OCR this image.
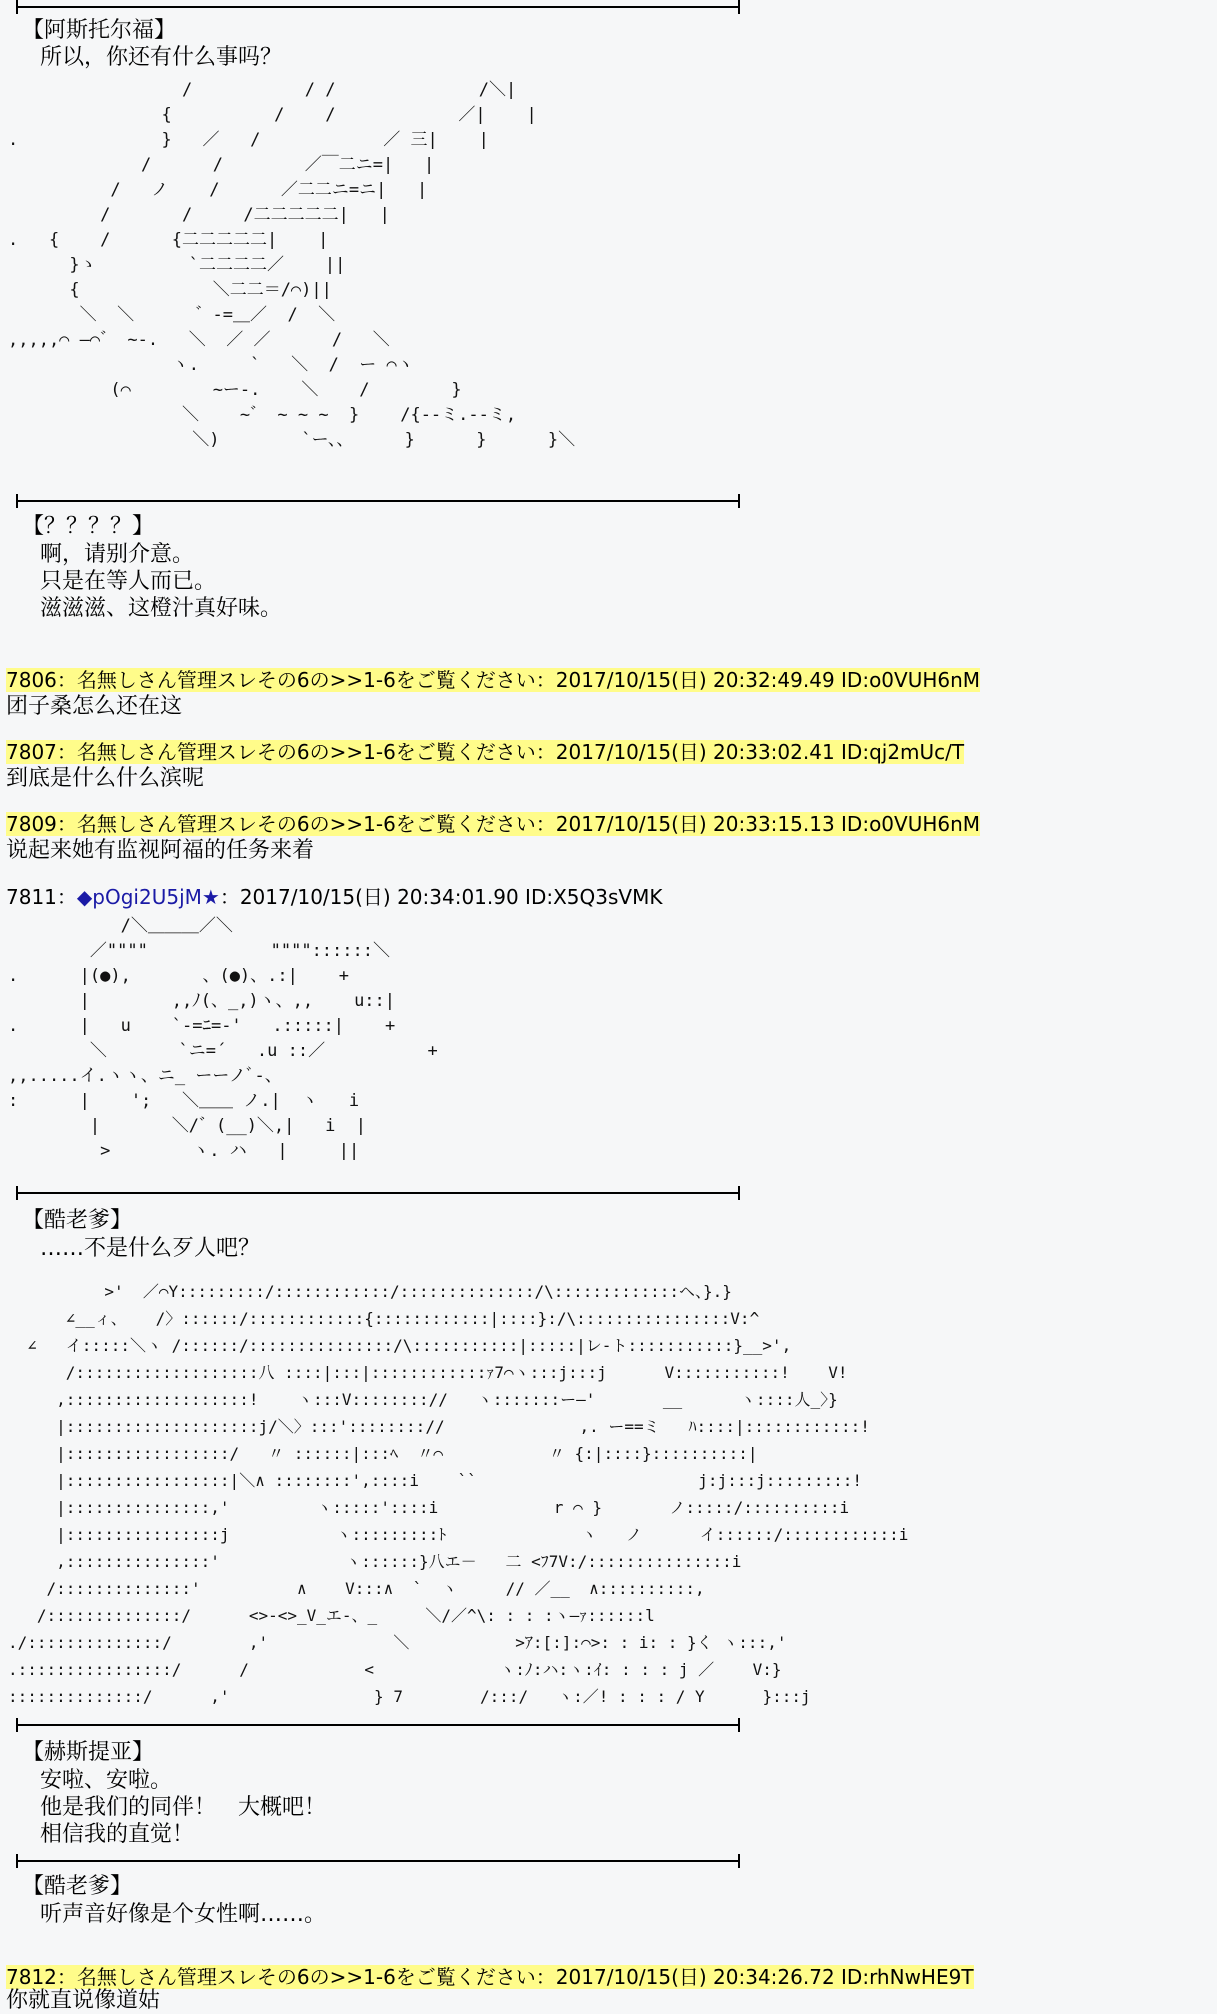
【阿斯托尔福】
所以，你还有什么事吗？
/           / /              /＼|
{          /    /            ／|    |
.              }   ／   /            ／ 三|    |
/      /        ／￣二ニ=|   |
/   ノ    /      ／二二ニ=ニ|   |
/       /     /二二二二二|   |
.   {    /      {二二二二二|    |
}ゝ         `二二二二／    ||
{             ＼二二＝/⌒)||
＼  ＼      ゛-=＿／  /  ＼
,,,,,⌒ ―⌒゛ ~-.   ＼  ／ ／      /   ＼
ヽ.     `   ＼  /  ー ⌒ヽ
(⌒        ~ー-.    ＼    /        }
＼    ~゛ ~ ~ ~  }    /{--ミ.--ミ,
＼)        `ー、、     }      }      }＼
【？？？？】
啊，请别介意。
只是在等人而已。
滋滋滋、这橙汁真好味。
7806：名無しさん管理スレその6の>>1-6をご覧ください：2017/10/15(日) 20:32:49.49 ID:o0VUH6nM
团子桑怎么还在这
7807：名無しさん管理スレその6の>>1-6をご覧ください：2017/10/15(日) 20:33:02.41 ID:qj2mUc/T
到底是什么什么滨呢
7809：名無しさん管理スレその6の>>1-6をご覧ください：2017/10/15(日) 20:33:15.13 ID:o0VUH6nM
说起来她有监视阿福的任务来着
7811：◆pOgi2U5jM★：2017/10/15(日) 20:34:01.90 ID:X5Q3sVMK
/＼＿＿＿／＼
／""""            """"::::::＼
.      |(●),       、(●)、.:|    +
|        ,,ﾉ(、_,)ヽ、,,    u::|
.      |   u    `-=ﾆ=-'   .:::::|    +
＼       `ニ=´   .u ::／          +
,,.....イ.ヽヽ、ニ_ ーーノﾞ-、
:      |    ';   ＼＿＿ ノ.|  ヽ   i
|       ＼/゛(__)＼,|   i  |
>        ヽ. ハ   |     ||
【酷老爹】
……不是什么歹人吧？
>'  ／⌒Y:::::::::/::::::::::::/::::::::::::::/\:::::::::::::ヘ、}.}
∠__ィ、   /〉::::::/::::::::::::{::::::::::::|::::}:/\::::::::::::::::V:^
∠   イ:::::＼ヽ /::::::/:::::::::::::::/\:::::::::::|:::::|レ-ト:::::::::::}__>',
/:::::::::::::::::::八 ::::|:::|::::::::::::ｧ7⌒ヽ:::j:::j      V:::::::::::!    V!
,:::::::::::::::::::!    ヽ:::V:::::::://   ヽ:::::::ー―'       __      ヽ::::人_〉}
|::::::::::::::::::::j/＼〉:::':::::::://              ,. ー==ミ   ﾊ::::|::::::::::::!
|:::::::::::::::::/   〃 ::::::|:::ﾍ  〃⌒           〃 {:|::::}::::::::::|
|:::::::::::::::::|＼∧ ::::::::',::::i    ``                       j:j:::j:::::::::!
|:::::::::::::::,'         ヽ:::::'::::i            r ⌒ }       ノ:::::/::::::::::i
|::::::::::::::::j           ヽ:::::::::ﾄ              ヽ   ノ      イ::::::/::::::::::::i
,:::::::::::::::'             ヽ::::::}八エ－   二 <ﾌ7V:/:::::::::::::::i
/::::::::::::::'          ∧    V:::∧  `  ヽ     // ／__  ∧::::::::::,
/::::::::::::::/      <>-<>_V_エ-、_     ＼/／^\: : : :ヽ―ｧ::::::l
./::::::::::::::/        ,'             ＼           >ｱ:[:]:⌒>: : i: : }く ヽ:::,'
.::::::::::::::::/      /            <             ヽ:ﾉ:ハ:ヽ:ｲ: : : : j ／    V:}
::::::::::::::/      ,'               } 7        /:::/   ヽ:／! : : : / Y      }:::j
【赫斯提亚】
安啦、安啦。
他是我们的同伴！　大概吧！
相信我的直觉！
【酷老爹】
听声音好像是个女性啊……。
7812：名無しさん管理スレその6の>>1-6をご覧ください：2017/10/15(日) 20:34:26.72 ID:rhNwHE9T
你就直说像道姑
